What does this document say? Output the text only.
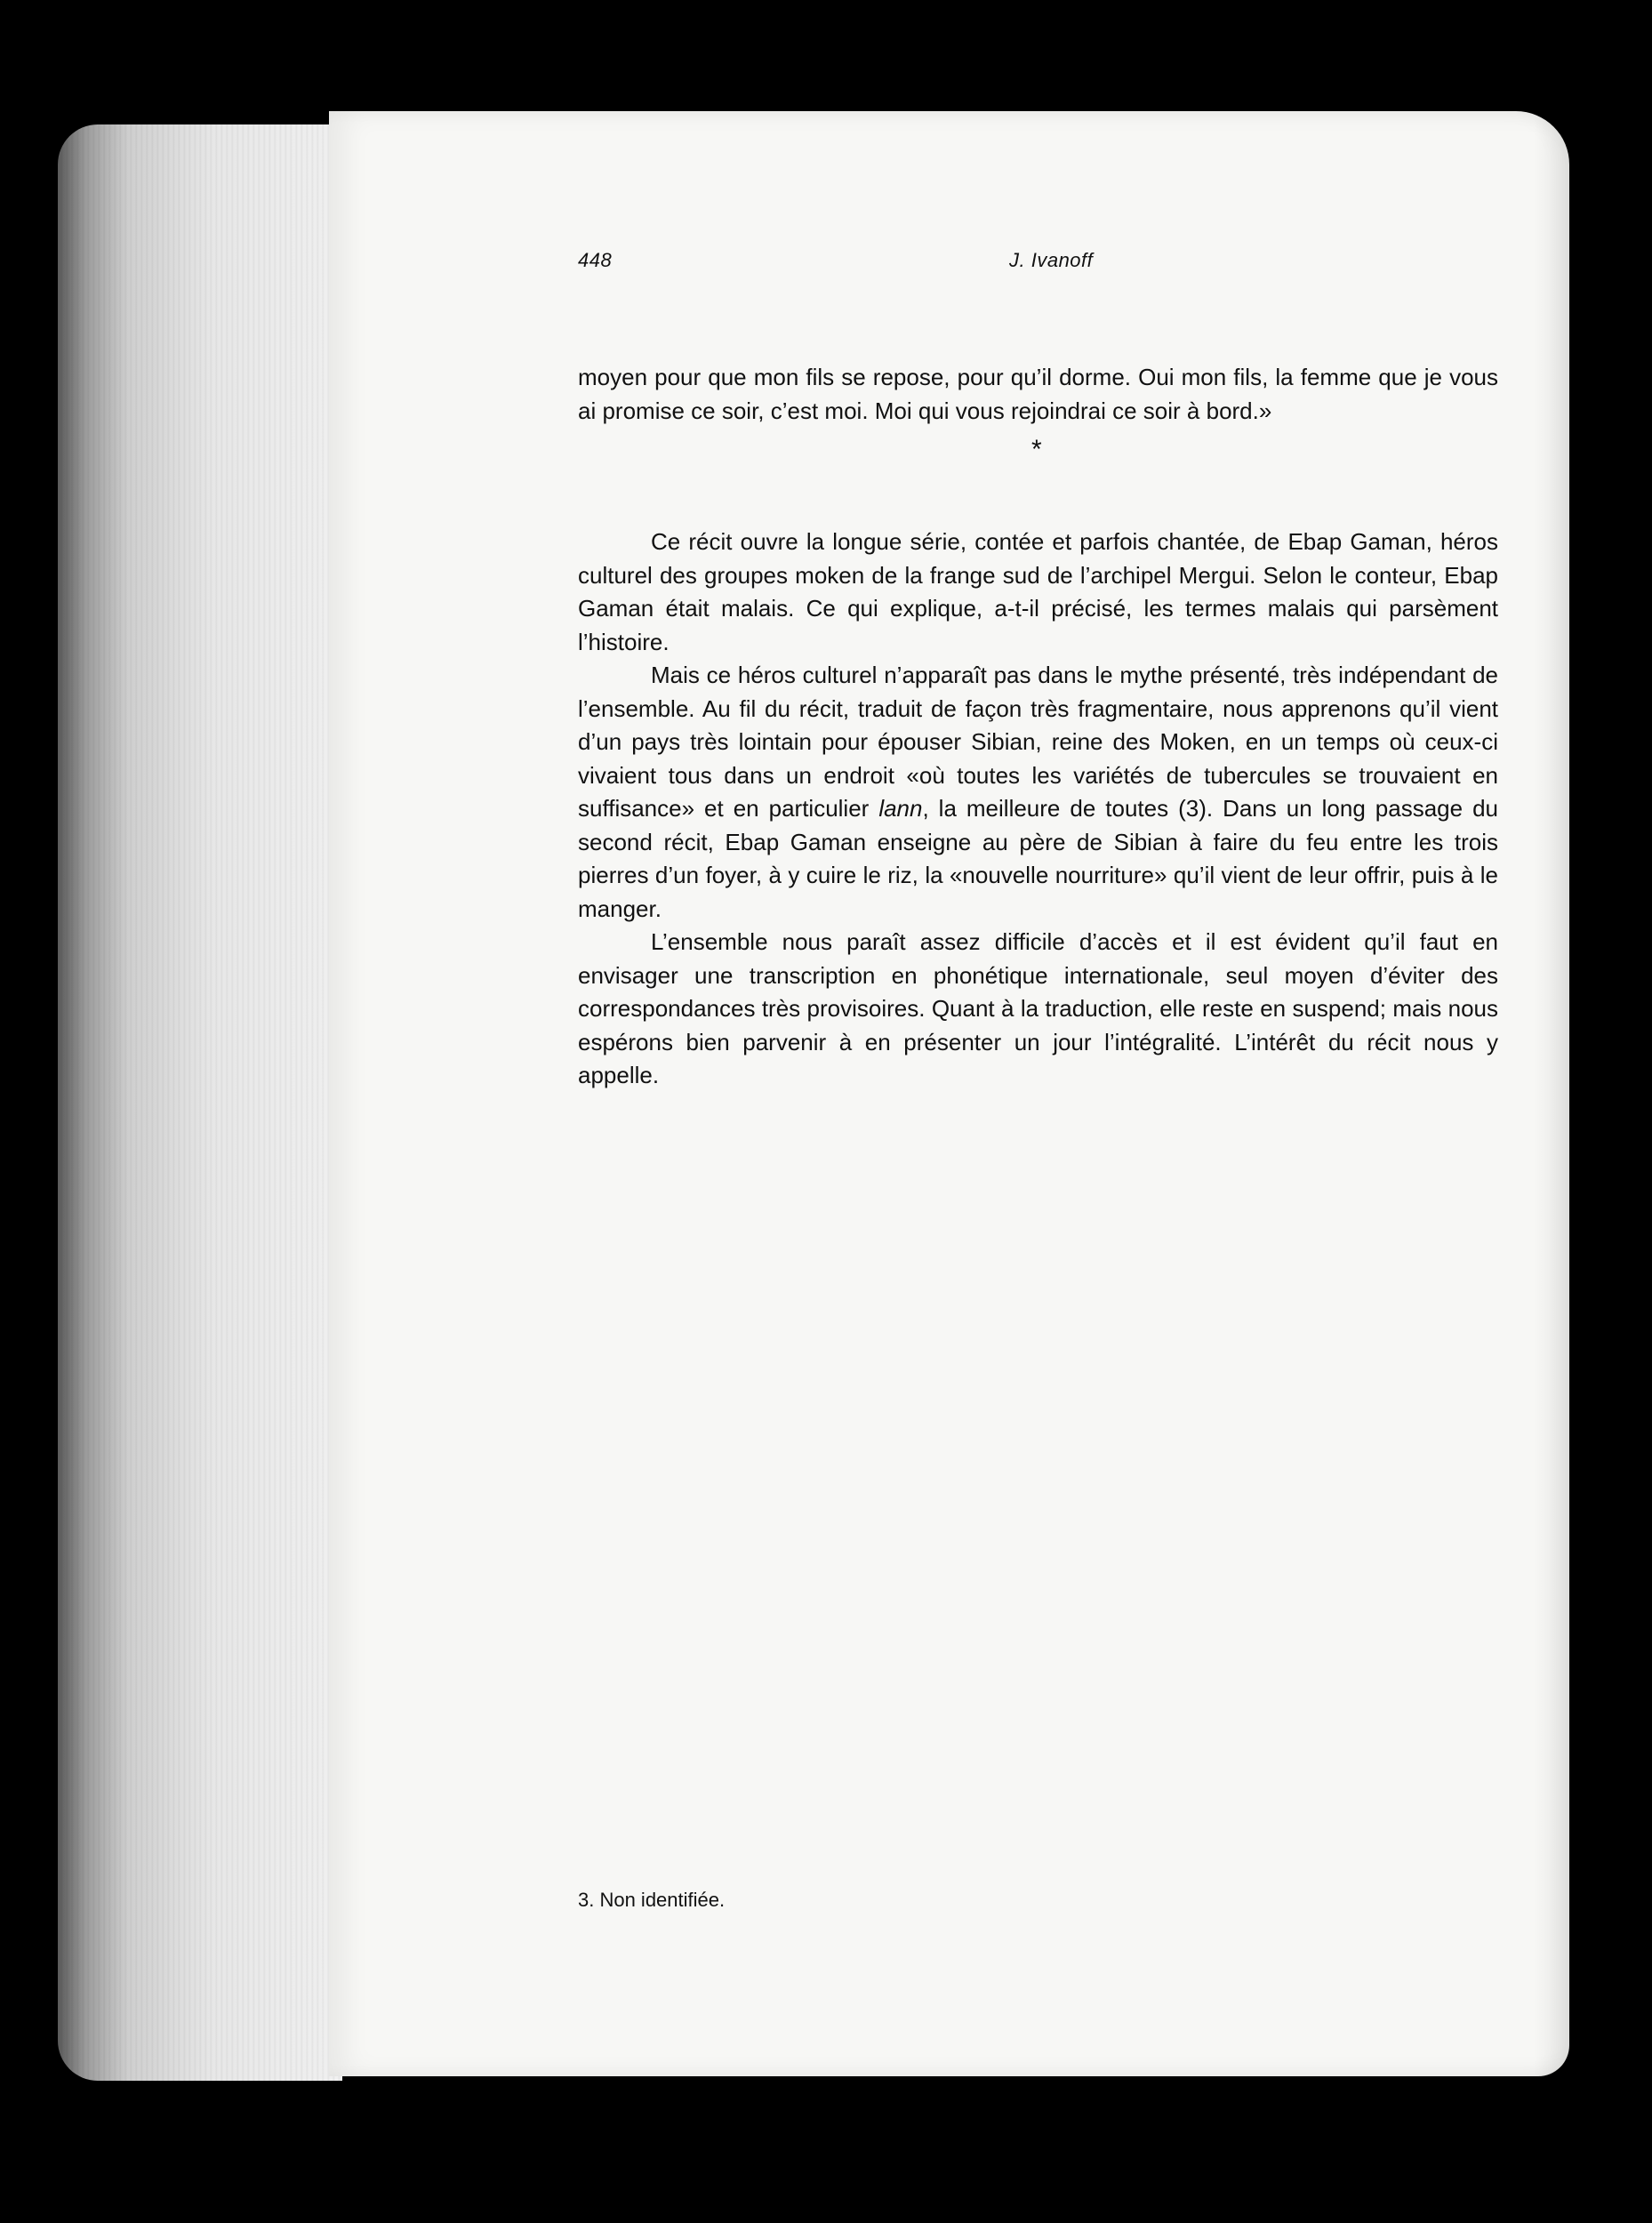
448	J. Ivanoff

moyen pour que mon fils se repose, pour qu’il dorme. Oui mon fils, la femme que je vous ai promise ce soir, c’est moi. Moi qui vous rejoindrai ce soir à bord.»

*

Ce récit ouvre la longue série, contée et parfois chantée, de Ebap Gaman, héros culturel des groupes moken de la frange sud de l’archipel Mergui. Selon le conteur, Ebap Gaman était malais. Ce qui explique, a-t-il précisé, les termes malais qui parsèment l’histoire.

Mais ce héros culturel n’apparaît pas dans le mythe présenté, très indépendant de l’ensemble. Au fil du récit, traduit de façon très fragmentaire, nous apprenons qu’il vient d’un pays très lointain pour épouser Sibian, reine des Moken, en un temps où ceux-ci vivaient tous dans un endroit «où toutes les variétés de tubercules se trouvaient en suffisance» et en particulier lann, la meilleure de toutes (3). Dans un long passage du second récit, Ebap Gaman enseigne au père de Sibian à faire du feu entre les trois pierres d’un foyer, à y cuire le riz, la «nouvelle nourriture» qu’il vient de leur offrir, puis à le manger.

L’ensemble nous paraît assez difficile d’accès et il est évident qu’il faut en envisager une transcription en phonétique internationale, seul moyen d’éviter des correspondances très provisoires. Quant à la traduction, elle reste en suspend; mais nous espérons bien parvenir à en présenter un jour l’intégralité. L’intérêt du récit nous y appelle.

3. Non identifiée.
